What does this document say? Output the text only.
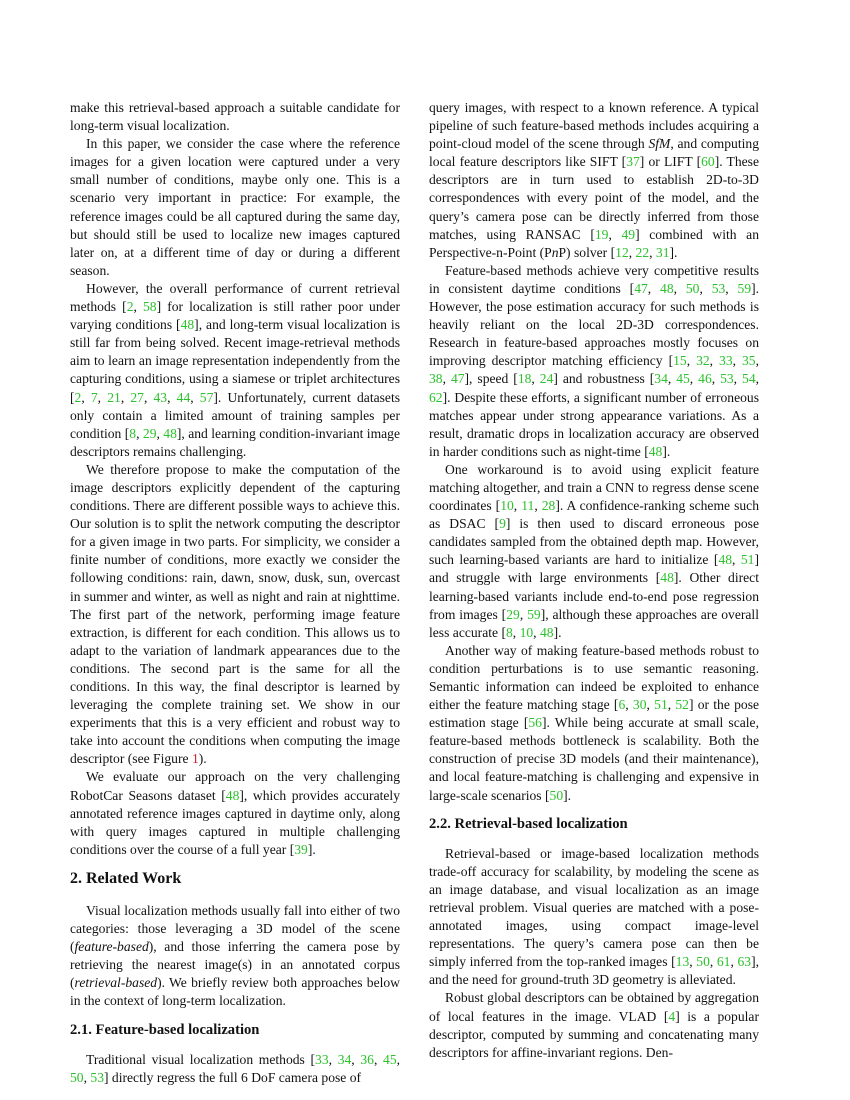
make this retrieval-based approach a suitable candidate for long-term visual localization.

In this paper, we consider the case where the reference images for a given location were captured under a very small number of conditions, maybe only one. This is a scenario very important in practice: For example, the reference images could be all captured during the same day, but should still be used to localize new images captured later on, at a different time of day or during a different season.

However, the overall performance of current retrieval methods [2, 58] for localization is still rather poor under varying conditions [48], and long-term visual localization is still far from being solved. Recent image-retrieval methods aim to learn an image representation independently from the capturing conditions, using a siamese or triplet architectures [2, 7, 21, 27, 43, 44, 57]. Unfortunately, current datasets only contain a limited amount of training samples per condition [8, 29, 48], and learning condition-invariant image descriptors remains challenging.

We therefore propose to make the computation of the image descriptors explicitly dependent of the capturing conditions. There are different possible ways to achieve this. Our solution is to split the network computing the descriptor for a given image in two parts. For simplicity, we consider a finite number of conditions, more exactly we consider the following conditions: rain, dawn, snow, dusk, sun, overcast in summer and winter, as well as night and rain at nighttime. The first part of the network, performing image feature extraction, is different for each condition. This allows us to adapt to the variation of landmark appearances due to the conditions. The second part is the same for all the conditions. In this way, the final descriptor is learned by leveraging the complete training set. We show in our experiments that this is a very efficient and robust way to take into account the conditions when computing the image descriptor (see Figure 1).

We evaluate our approach on the very challenging RobotCar Seasons dataset [48], which provides accurately annotated reference images captured in daytime only, along with query images captured in multiple challenging conditions over the course of a full year [39].

2. Related Work

Visual localization methods usually fall into either of two categories: those leveraging a 3D model of the scene (feature-based), and those inferring the camera pose by retrieving the nearest image(s) in an annotated corpus (retrieval-based). We briefly review both approaches below in the context of long-term localization.

2.1. Feature-based localization

Traditional visual localization methods [33, 34, 36, 45, 50, 53] directly regress the full 6 DoF camera pose of

query images, with respect to a known reference. A typical pipeline of such feature-based methods includes acquiring a point-cloud model of the scene through SfM, and computing local feature descriptors like SIFT [37] or LIFT [60]. These descriptors are in turn used to establish 2D-to-3D correspondences with every point of the model, and the query’s camera pose can be directly inferred from those matches, using RANSAC [19, 49] combined with an Perspective-n-Point (PnP) solver [12, 22, 31].

Feature-based methods achieve very competitive results in consistent daytime conditions [47, 48, 50, 53, 59]. However, the pose estimation accuracy for such methods is heavily reliant on the local 2D-3D correspondences. Research in feature-based approaches mostly focuses on improving descriptor matching efficiency [15, 32, 33, 35, 38, 47], speed [18, 24] and robustness [34, 45, 46, 53, 54, 62]. Despite these efforts, a significant number of erroneous matches appear under strong appearance variations. As a result, dramatic drops in localization accuracy are observed in harder conditions such as night-time [48].

One workaround is to avoid using explicit feature matching altogether, and train a CNN to regress dense scene coordinates [10, 11, 28]. A confidence-ranking scheme such as DSAC [9] is then used to discard erroneous pose candidates sampled from the obtained depth map. However, such learning-based variants are hard to initialize [48, 51] and struggle with large environments [48]. Other direct learning-based variants include end-to-end pose regression from images [29, 59], although these approaches are overall less accurate [8, 10, 48].

Another way of making feature-based methods robust to condition perturbations is to use semantic reasoning. Semantic information can indeed be exploited to enhance either the feature matching stage [6, 30, 51, 52] or the pose estimation stage [56]. While being accurate at small scale, feature-based methods bottleneck is scalability. Both the construction of precise 3D models (and their maintenance), and local feature-matching is challenging and expensive in large-scale scenarios [50].

2.2. Retrieval-based localization

Retrieval-based or image-based localization methods trade-off accuracy for scalability, by modeling the scene as an image database, and visual localization as an image retrieval problem. Visual queries are matched with a pose-annotated images, using compact image-level representations. The query’s camera pose can then be simply inferred from the top-ranked images [13, 50, 61, 63], and the need for ground-truth 3D geometry is alleviated.

Robust global descriptors can be obtained by aggregation of local features in the image. VLAD [4] is a popular descriptor, computed by summing and concatenating many descriptors for affine-invariant regions. Den-
